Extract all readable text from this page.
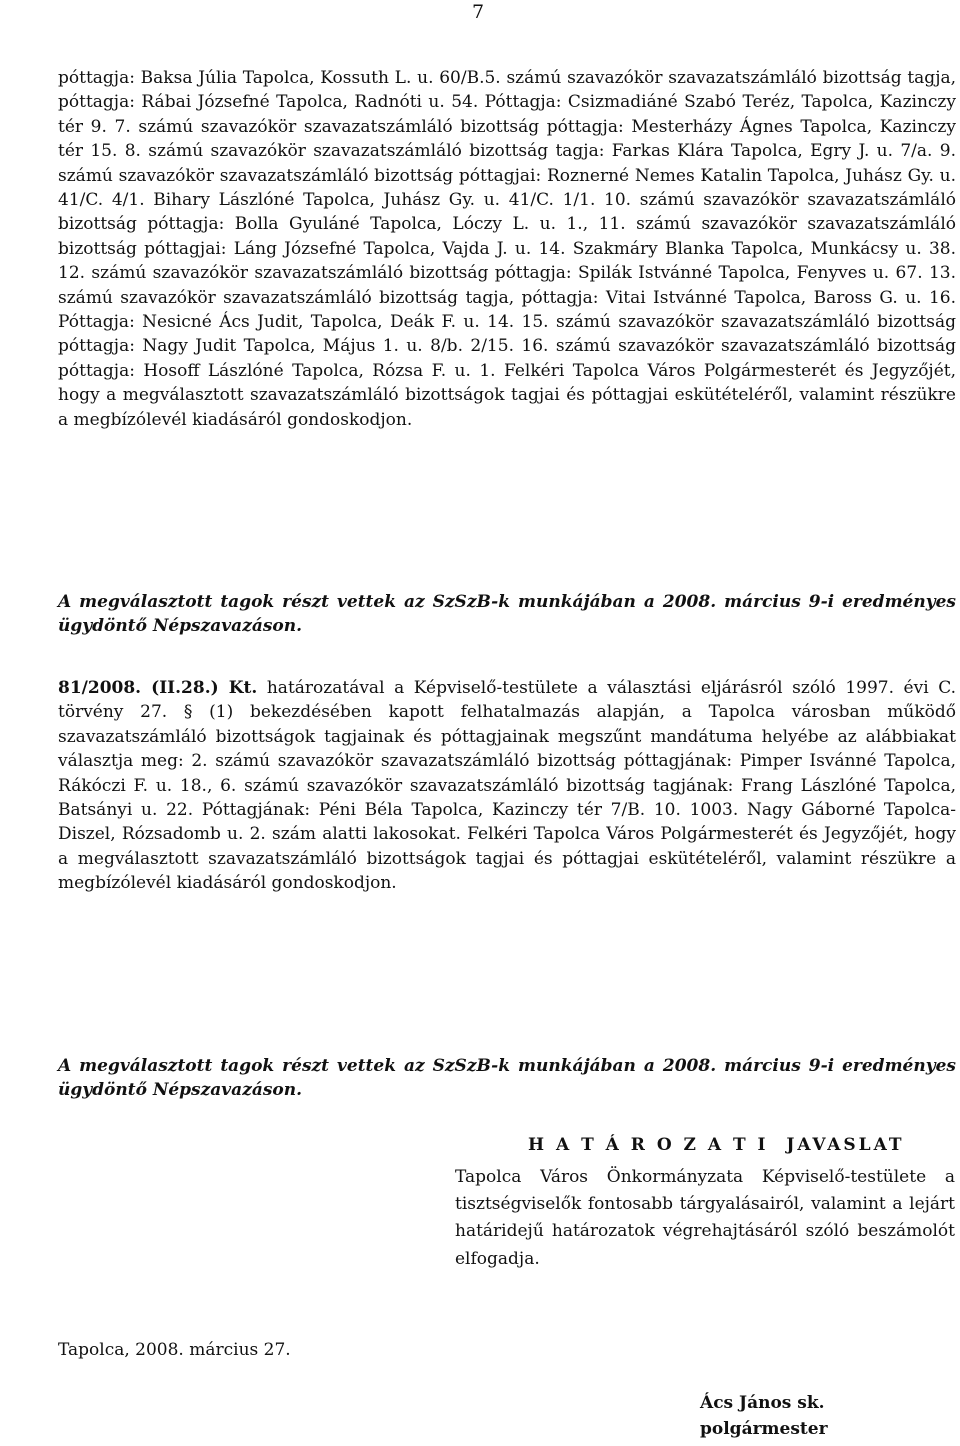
7

póttagja: Baksa Júlia Tapolca, Kossuth L. u. 60/B.5. számú szavazókör szavazatszámláló bizottság tagja, póttagja: Rábai Józsefné Tapolca, Radnóti u. 54. Póttagja: Csizmadiáné Szabó Teréz, Tapolca, Kazinczy tér 9. 7. számú szavazókör szavazatszámláló bizottság póttagja: Mesterházy Ágnes Tapolca, Kazinczy tér 15. 8. számú szavazókör szavazatszámláló bizottság tagja: Farkas Klára Tapolca, Egry J. u. 7/a. 9. számú szavazókör szavazatszámláló bizottság póttagjai: Roznerné Nemes Katalin Tapolca, Juhász Gy. u. 41/C. 4/1. Bihary Lászlóné Tapolca, Juhász Gy. u. 41/C. 1/1. 10. számú szavazókör szavazatszámláló bizottság póttagja: Bolla Gyuláné Tapolca, Lóczy L. u. 1., 11. számú szavazókör szavazatszámláló bizottság póttagjai: Láng Józsefné Tapolca, Vajda J. u. 14. Szakmáry Blanka Tapolca, Munkácsy u. 38. 12. számú szavazókör szavazatszámláló bizottság póttagja: Spilák Istvánné Tapolca, Fenyves u. 67. 13. számú szavazókör szavazatszámláló bizottság tagja, póttagja: Vitai Istvánné Tapolca, Baross G. u. 16. Póttagja: Nesicné Ács Judit, Tapolca, Deák F. u. 14. 15. számú szavazókör szavazatszámláló bizottság póttagja: Nagy Judit Tapolca, Május 1. u. 8/b. 2/15. 16. számú szavazókör szavazatszámláló bizottság póttagja: Hosoff Lászlóné Tapolca, Rózsa F. u. 1. Felkéri Tapolca Város Polgármesterét és Jegyzőjét, hogy a megválasztott szavazatszámláló bizottságok tagjai és póttagjai eskütételéről, valamint részükre a megbízólevél kiadásáról gondoskodjon.

A megválasztott tagok részt vettek az SzSzB-k munkájában a 2008. március 9-i eredményes ügydöntő Népszavazáson.

81/2008. (II.28.) Kt. határozatával a Képviselő-testülete a választási eljárásról szóló 1997. évi C. törvény 27. § (1) bekezdésében kapott felhatalmazás alapján, a Tapolca városban működő szavazatszámláló bizottságok tagjainak és póttagjainak megszűnt mandátuma helyébe az alábbiakat választja meg: 2. számú szavazókör szavazatszámláló bizottság póttagjának: Pimper Isvánné Tapolca, Rákóczi F. u. 18., 6. számú szavazókör szavazatszámláló bizottság tagjának: Frang Lászlóné Tapolca, Batsányi u. 22. Póttagjának: Péni Béla Tapolca, Kazinczy tér 7/B. 10. 1003. Nagy Gáborné Tapolca-Diszel, Rózsadomb u. 2. szám alatti lakosokat. Felkéri Tapolca Város Polgármesterét és Jegyzőjét, hogy a megválasztott szavazatszámláló bizottságok tagjai és póttagjai eskütételéről, valamint részükre a megbízólevél kiadásáról gondoskodjon.

A megválasztott tagok részt vettek az SzSzB-k munkájában a 2008. március 9-i eredményes ügydöntő Népszavazáson.

H A T Á R O Z A T I  JAVASLAT

Tapolca Város Önkormányzata Képviselő-testülete a tisztségviselők fontosabb tárgyalásairól, valamint a lejárt határidejű határozatok végrehajtásáról szóló beszámolót elfogadja.

Tapolca, 2008. március 27.
Ács János sk.
polgármester
